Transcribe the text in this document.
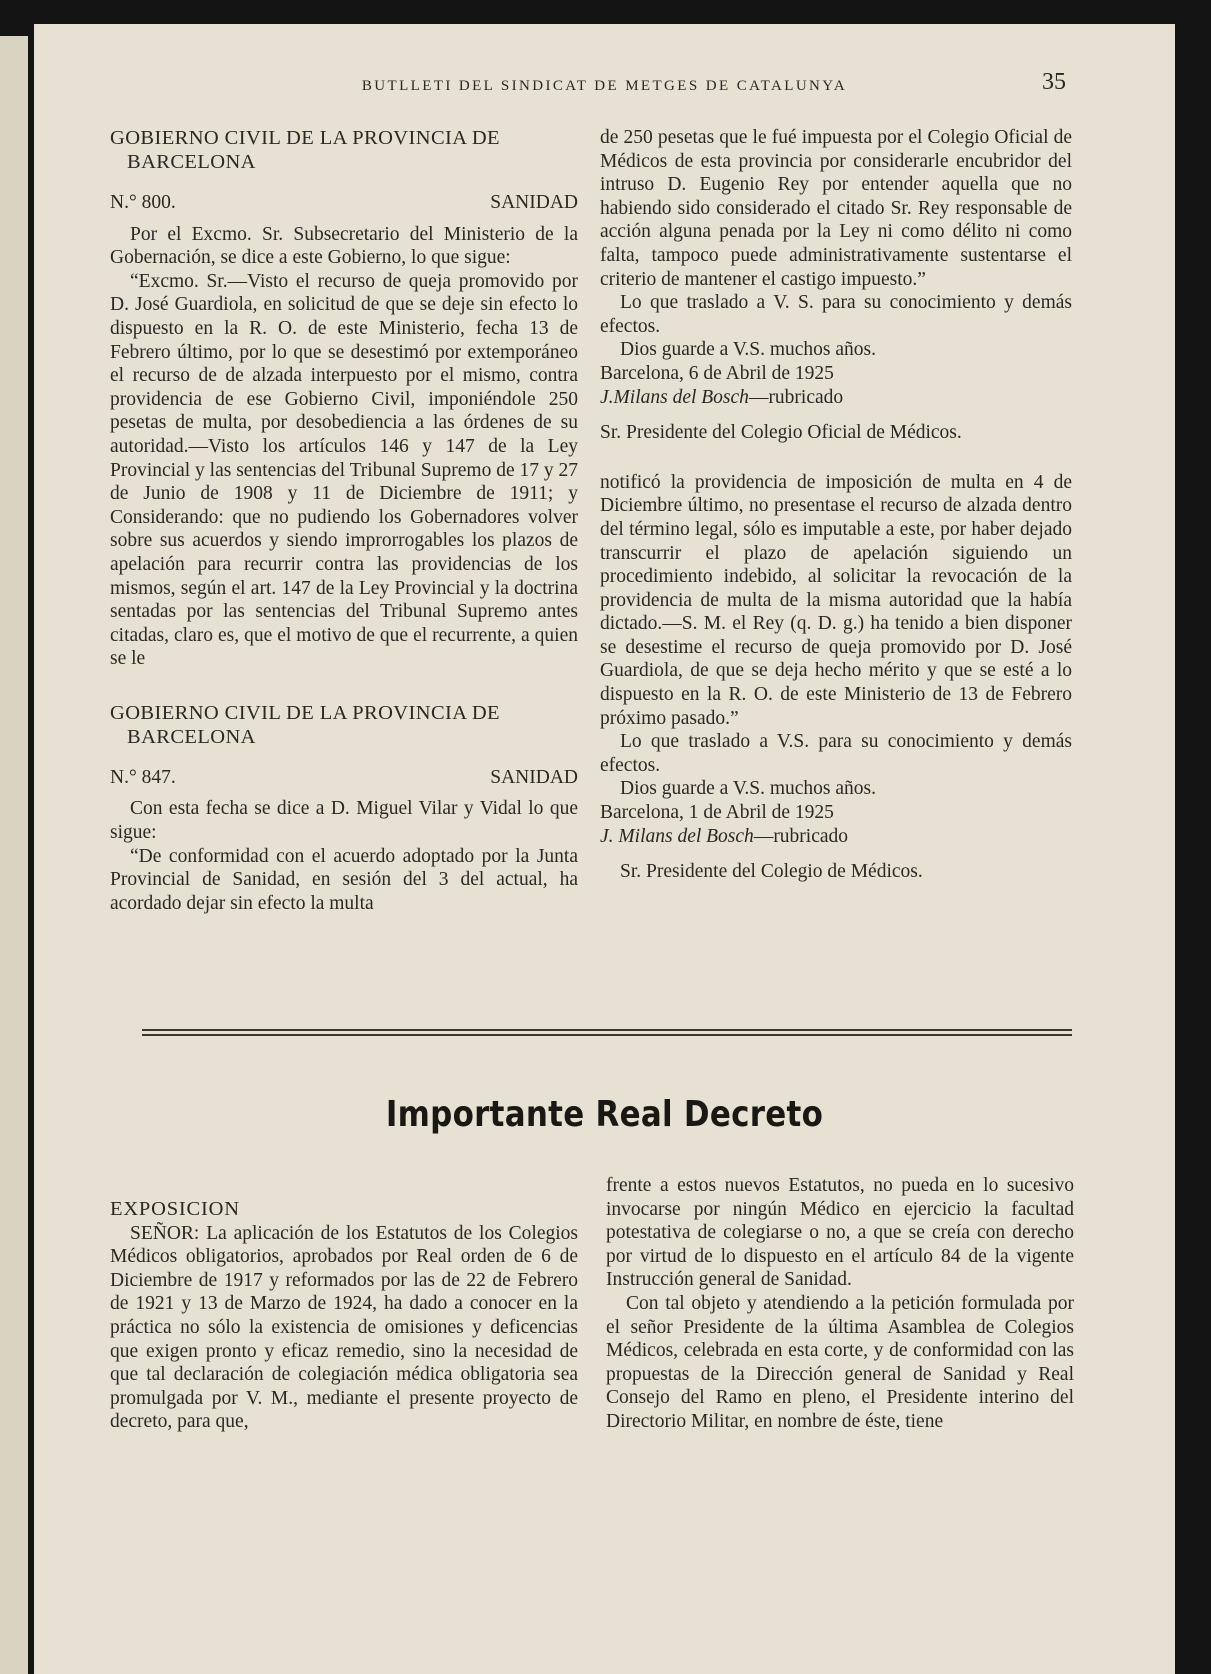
BUTLLETI DEL SINDICAT DE METGES DE CATALUNYA	35

GOBIERNO CIVIL DE LA PROVINCIA DE

BARCELONA

N.° 800.	SANIDAD

Por el Excmo. Sr. Subsecretario del Ministerio de la Gobernación, se dice a este Gobierno, lo que sigue:

“Excmo. Sr.—Visto el recurso de queja promovido por D. José Guardiola, en solicitud de que se deje sin efecto lo dispuesto en la R. O. de este Ministerio, fecha 13 de Febrero último, por lo que se desestimó por extemporáneo el recurso de de alzada interpuesto por el mismo, contra providencia de ese Gobierno Civil, imponiéndole 250 pesetas de multa, por desobediencia a las órdenes de su autoridad.—Visto los artículos 146 y 147 de la Ley Provincial y las sentencias del Tribunal Supremo de 17 y 27 de Junio de 1908 y 11 de Diciembre de 1911; y Considerando: que no pudiendo los Gobernadores volver sobre sus acuerdos y siendo improrrogables los plazos de apelación para recurrir contra las providencias de los mismos, según el art. 147 de la Ley Provincial y la doctrina sentadas por las sentencias del Tribunal Supremo antes citadas, claro es, que el motivo de que el recurrente, a quien se le

GOBIERNO CIVIL DE LA PROVINCIA DE

BARCELONA

N.° 847.	SANIDAD

Con esta fecha se dice a D. Miguel Vilar y Vidal lo que sigue:

“De conformidad con el acuerdo adoptado por la Junta Provincial de Sanidad, en sesión del 3 del actual, ha acordado dejar sin efecto la multa

de 250 pesetas que le fué impuesta por el Colegio Oficial de Médicos de esta provincia por considerarle encubridor del intruso D. Eugenio Rey por entender aquella que no habiendo sido considerado el citado Sr. Rey responsable de acción alguna penada por la Ley ni como délito ni como falta, tampoco puede administrativamente sustentarse el criterio de mantener el castigo impuesto.”

Lo que traslado a V. S. para su conocimiento y demás efectos.

Dios guarde a V.S. muchos años.

Barcelona, 6 de Abril de 1925

J.Milans del Bosch—rubricado

Sr. Presidente del Colegio Oficial de Médicos.

notificó la providencia de imposición de multa en 4 de Diciembre último, no presentase el recurso de alzada dentro del término legal, sólo es imputable a este, por haber dejado transcurrir el plazo de apelación siguiendo un procedimiento indebido, al solicitar la revocación de la providencia de multa de la misma autoridad que la había dictado.—S. M. el Rey (q. D. g.) ha tenido a bien disponer se desestime el recurso de queja promovido por D. José Guardiola, de que se deja hecho mérito y que se esté a lo dispuesto en la R. O. de este Ministerio de 13 de Febrero próximo pasado.”

Lo que traslado a V.S. para su conocimiento y demás efectos.

Dios guarde a V.S. muchos años.

Barcelona, 1 de Abril de 1925

J. Milans del Bosch—rubricado

Sr. Presidente del Colegio de Médicos.

Importante Real Decreto

EXPOSICION

SEÑOR: La aplicación de los Estatutos de los Colegios Médicos obligatorios, aprobados por Real orden de 6 de Diciembre de 1917 y reformados por las de 22 de Febrero de 1921 y 13 de Marzo de 1924, ha dado a conocer en la práctica no sólo la existencia de omisiones y deficencias que exigen pronto y eficaz remedio, sino la necesidad de que tal declaración de colegiación médica obligatoria sea promulgada por V. M., mediante el presente proyecto de decreto, para que,

frente a estos nuevos Estatutos, no pueda en lo sucesivo invocarse por ningún Médico en ejercicio la facultad potestativa de colegiarse o no, a que se creía con derecho por virtud de lo dispuesto en el artículo 84 de la vigente Instrucción general de Sanidad.

Con tal objeto y atendiendo a la petición formulada por el señor Presidente de la última Asamblea de Colegios Médicos, celebrada en esta corte, y de conformidad con las propuestas de la Dirección general de Sanidad y Real Consejo del Ramo en pleno, el Presidente interino del Directorio Militar, en nombre de éste, tiene
